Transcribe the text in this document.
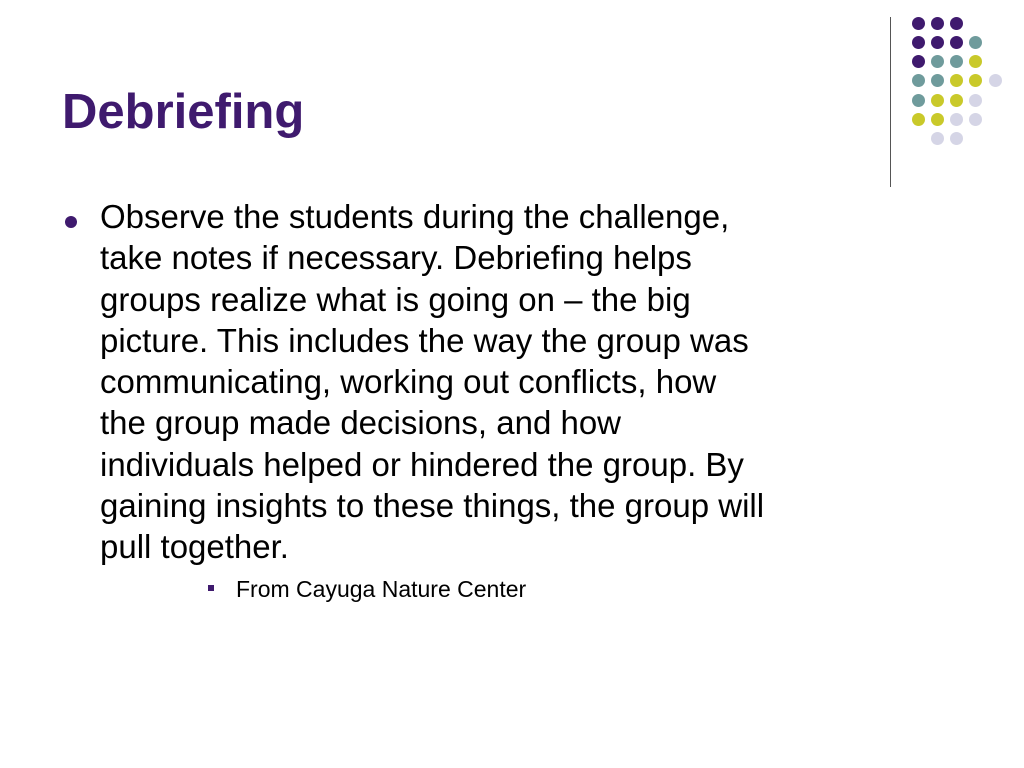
Debriefing

Observe the students during the challenge,
take notes if necessary. Debriefing helps
groups realize what is going on – the big
picture. This includes the way the group was
communicating, working out conflicts, how
the group made decisions, and how
individuals helped or hindered the group. By
gaining insights to these things, the group will
pull together.

From Cayuga Nature Center
